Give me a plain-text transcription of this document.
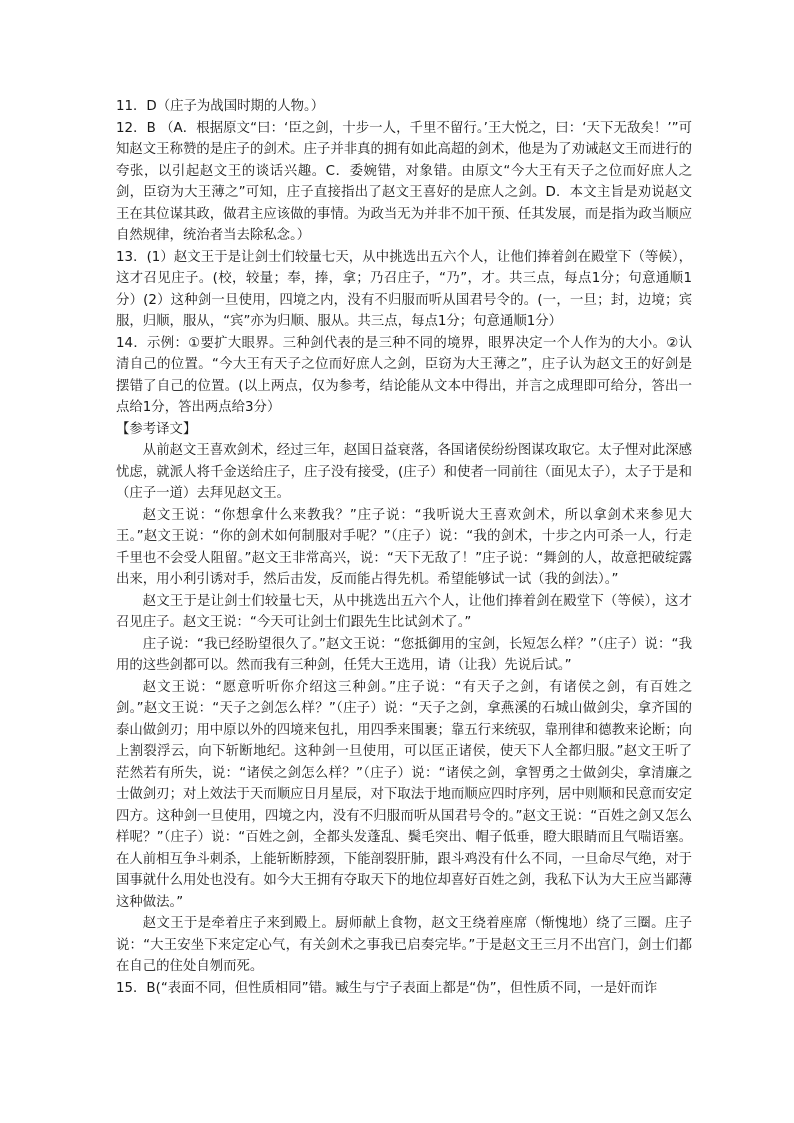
11．D（庄子为战国时期的人物。）

12．B （A．根据原文“曰：‘臣之剑，十步一人，千里不留行。’王大悦之，曰：‘天下无敌矣！’”可知赵文王称赞的是庄子的剑术。庄子并非真的拥有如此高超的剑术，他是为了劝诫赵文王而进行的夸张，以引起赵文王的谈话兴趣。C．委婉错，对象错。由原文“今大王有天子之位而好庶人之剑，臣窃为大王薄之”可知，庄子直接指出了赵文王喜好的是庶人之剑。D．本文主旨是劝说赵文王在其位谋其政，做君主应该做的事情。为政当无为并非不加干预、任其发展，而是指为政当顺应自然规律，统治者当去除私念。）

13．(1）赵文王于是让剑士们较量七天，从中挑选出五六个人，让他们捧着剑在殿堂下（等候），这才召见庄子。(校，较量；奉，捧，拿；乃召庄子，“乃”，才。共三点，每点1分；句意通顺1分）(2）这种剑一旦使用，四境之内，没有不归服而听从国君号令的。(一，一旦；封，边境；宾服，归顺，服从，“宾”亦为归顺、服从。共三点，每点1分；句意通顺1分）

14．示例：①要扩大眼界。三种剑代表的是三种不同的境界，眼界决定一个人作为的大小。②认清自己的位置。“今大王有天子之位而好庶人之剑，臣窃为大王薄之”，庄子认为赵文王的好剑是摆错了自己的位置。(以上两点，仅为参考，结论能从文本中得出，并言之成理即可给分，答出一点给1分，答出两点给3分）

【参考译文】

从前赵文王喜欢剑术，经过三年，赵国日益衰落，各国诸侯纷纷图谋攻取它。太子悝对此深感忧虑，就派人将千金送给庄子，庄子没有接受，(庄子）和使者一同前往（面见太子），太子于是和（庄子一道）去拜见赵文王。

赵文王说：“你想拿什么来教我？”庄子说：“我听说大王喜欢剑术，所以拿剑术来参见大王。”赵文王说：“你的剑术如何制服对手呢？”（庄子）说：“我的剑术，十步之内可杀一人，行走千里也不会受人阻留。”赵文王非常高兴，说：“天下无敌了！”庄子说：“舞剑的人，故意把破绽露出来，用小利引诱对手，然后击发，反而能占得先机。希望能够试一试（我的剑法）。”

赵文王于是让剑士们较量七天，从中挑选出五六个人，让他们捧着剑在殿堂下（等候），这才召见庄子。赵文王说：“今天可让剑士们跟先生比试剑术了。”

庄子说：“我已经盼望很久了。”赵文王说：“您抵御用的宝剑，长短怎么样？”（庄子）说：“我用的这些剑都可以。然而我有三种剑，任凭大王选用，请（让我）先说后试。”

赵文王说：“愿意听听你介绍这三种剑。”庄子说：“有天子之剑，有诸侯之剑，有百姓之剑。”赵文王说：“天子之剑怎么样？”（庄子）说：“天子之剑，拿燕溪的石城山做剑尖，拿齐国的泰山做剑刃；用中原以外的四境来包扎，用四季来围裹；靠五行来统驭，靠刑律和德教来论断；向上割裂浮云，向下斩断地纪。这种剑一旦使用，可以匡正诸侯，使天下人全都归服。”赵文王听了茫然若有所失，说：“诸侯之剑怎么样？”（庄子）说：“诸侯之剑，拿智勇之士做剑尖，拿清廉之士做剑刃；对上效法于天而顺应日月星辰，对下取法于地而顺应四时序列，居中则顺和民意而安定四方。这种剑一旦使用，四境之内，没有不归服而听从国君号令的。”赵文王说：“百姓之剑又怎么样呢？”（庄子）说：“百姓之剑，全都头发蓬乱、鬓毛突出、帽子低垂，瞪大眼睛而且气喘语塞。在人前相互争斗刺杀，上能斩断脖颈，下能剖裂肝肺，跟斗鸡没有什么不同，一旦命尽气绝，对于国事就什么用处也没有。如今大王拥有夺取天下的地位却喜好百姓之剑，我私下认为大王应当鄙薄这种做法。”

赵文王于是牵着庄子来到殿上。厨师献上食物，赵文王绕着座席（惭愧地）绕了三圈。庄子说：“大王安坐下来定定心气，有关剑术之事我已启奏完毕。”于是赵文王三月不出宫门，剑士们都在自己的住处自刎而死。

15．B(“表面不同，但性质相同”错。臧生与宁子表面上都是“伪”，但性质不同，一是奸而诈
